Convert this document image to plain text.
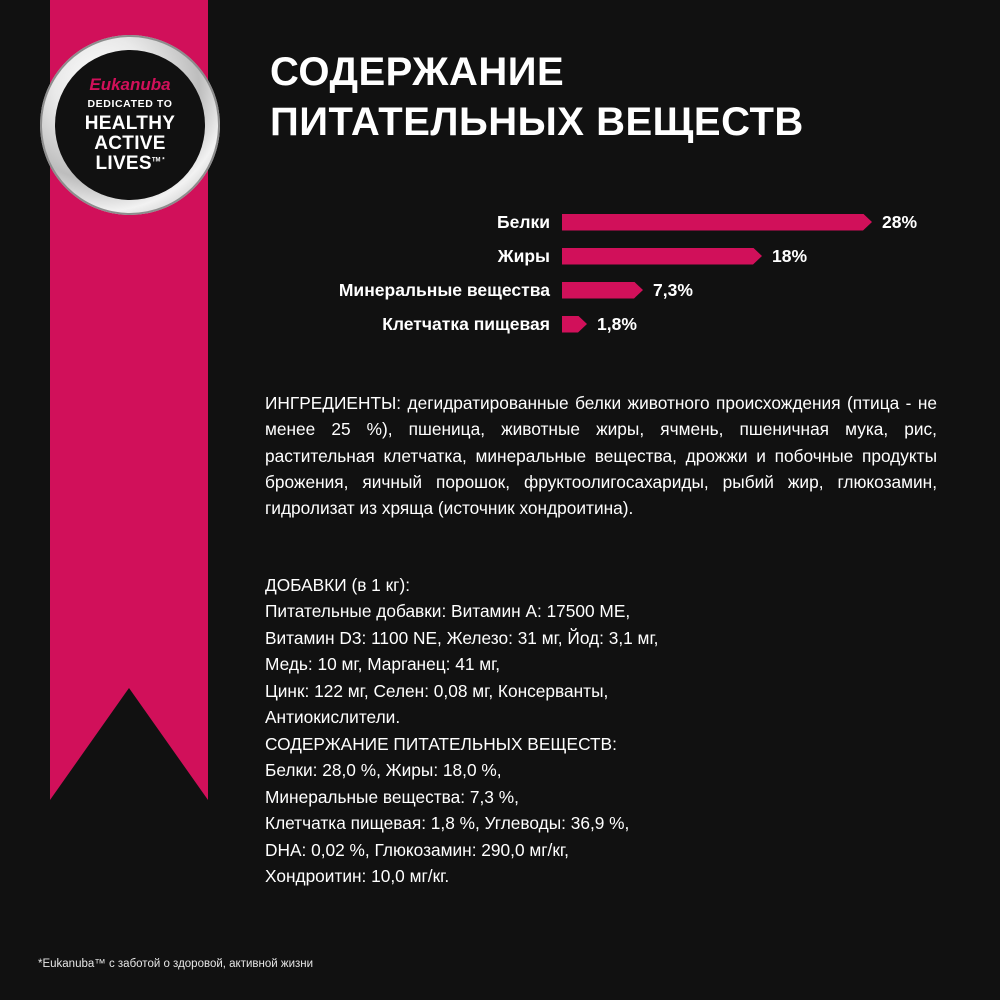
Eukanuba
DEDICATED TO
HEALTHY
ACTIVE
$LIVES^{TM *}$
СОДЕРЖАНИЕ
ПИТАТЕЛЬНЫХ ВЕЩЕСТВ
Белки	28%
Жиры	18%
Минеральные вещества	7,3%
Клетчатка пищевая	1,8%
ИНГРЕДИЕНТЫ: дегидратированные белки животного происхождения (птица - не менее 25 %), пшеница, животные жиры, ячмень, пшеничная мука, рис, растительная клетчатка, минеральные вещества, дрожжи и побочные продукты брожения, яичный порошок, фруктоолигосахариды, рыбий жир, глюкозамин, гидролизат из хряща (источник хондроитина).
ДОБАВКИ (в 1 кг):
Питательные добавки: Витамин А: 17500 МЕ,
Витамин D3: 1100 NE, Железо: 31 мг, Йод: 3,1 мг,
Медь: 10 мг, Марганец: 41 мг,
Цинк: 122 мг, Селен: 0,08 мг, Консерванты,
Антиокислители.
СОДЕРЖАНИЕ ПИТАТЕЛЬНЫХ ВЕЩЕСТВ:
Белки: 28,0 %, Жиры: 18,0 %,
Минеральные вещества: 7,3 %,
Клетчатка пищевая: 1,8 %, Углеводы: 36,9 %,
DHA: 0,02 %, Глюкозамин: 290,0 мг/кг,
Хондроитин: 10,0 мг/кг.
*Eukanuba™ с заботой о здоровой, активной жизни
